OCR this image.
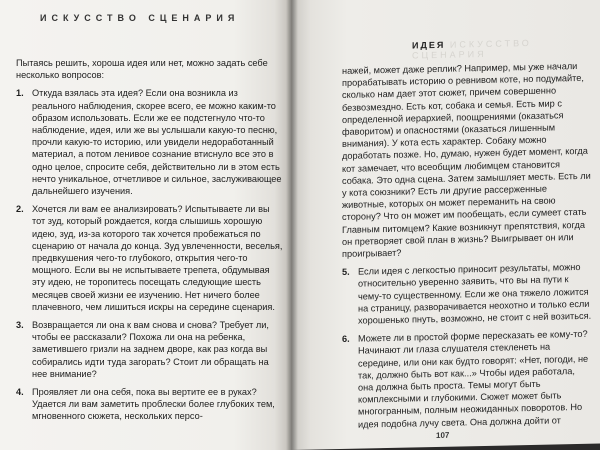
ИСКУССТВО СЦЕНАРИЯ

Пытаясь решить, хороша идея или нет, можно задать себе несколько вопросов:

1. Откуда взялась эта идея? Если она возникла из реального наблюдения, скорее всего, ее можно каким-то образом использовать. Если же ее подстегнуло что-то наблюдение, идея, или же вы услышали какую-то песню, прочли какую-то историю, или увидели недоработанный материал, а потом ленивое сознание втиснуло все это в одно целое, спросите себя, действительно ли в этом есть нечто уникальное, отчетливое и сильное, заслуживающее дальнейшего изучения.
2. Хочется ли вам ее анализировать? Испытываете ли вы тот зуд, который рождается, когда слышишь хорошую идею, зуд, из-за которого так хочется пробежаться по сценарию от начала до конца. Зуд увлеченности, веселья, предвкушения чего-то глубокого, открытия чего-то мощного. Если вы не испытываете трепета, обдумывая эту идею, не торопитесь посещать следующие шесть месяцев своей жизни ее изучению. Нет ничего более плачевного, чем лишиться искры на середине сценария.
3. Возвращается ли она к вам снова и снова? Требует ли, чтобы ее рассказали? Похожа ли она на ребенка, заметившего гризли на заднем дворе, как раз когда вы собирались идти туда загорать? Стоит ли обращать на нее внимание?
4. Проявляет ли она себя, пока вы вертите ее в руках? Удается ли вам заметить проблески более глубоких тем, мгновенного сюжета, нескольких персо-
ИДЕЯ ИСКУССТВО СЦЕНАРИЯ

нажей, может даже реплик? Например, мы уже начали прорабатывать историю о ревнивом коте, но подумайте, сколько нам дает этот сюжет, причем совершенно безвозмездно. Есть кот, собака и семья. Есть мир с определенной иерархией, поощрениями (оказаться фаворитом) и опасностями (оказаться лишенным внимания). У кота есть характер. Собаку можно доработать позже. Но, думаю, нужен будет момент, когда кот замечает, что всеобщим любимцем становится собака. Это одна сцена. Затем замышляет месть. Есть ли у кота союзники? Есть ли другие рассерженные животные, которых он может переманить на свою сторону? Что он может им пообещать, если сумеет стать Главным питомцем? Какие возникнут препятствия, когда он претворяет свой план в жизнь? Выигрывает он или проигрывает?

5. Если идея с легкостью приносит результаты, можно относительно уверенно заявить, что вы на пути к чему-то существенному. Если же она тяжело ложится на страницу, разворачивается неохотно и только если хорошенько пнуть, возможно, не стоит с ней возиться.
6. Можете ли в простой форме пересказать ее кому-то? Начинают ли глаза слушателя стекленеть на середине, или они как будто говорят: «Нет, погоди, не так, должно быть вот как...» Чтобы идея работала, она должна быть проста. Темы могут быть комплексными и глубокими. Сюжет может быть многогранным, полным неожиданных поворотов. Но идея подобна лучу света. Она должна дойти от
107
